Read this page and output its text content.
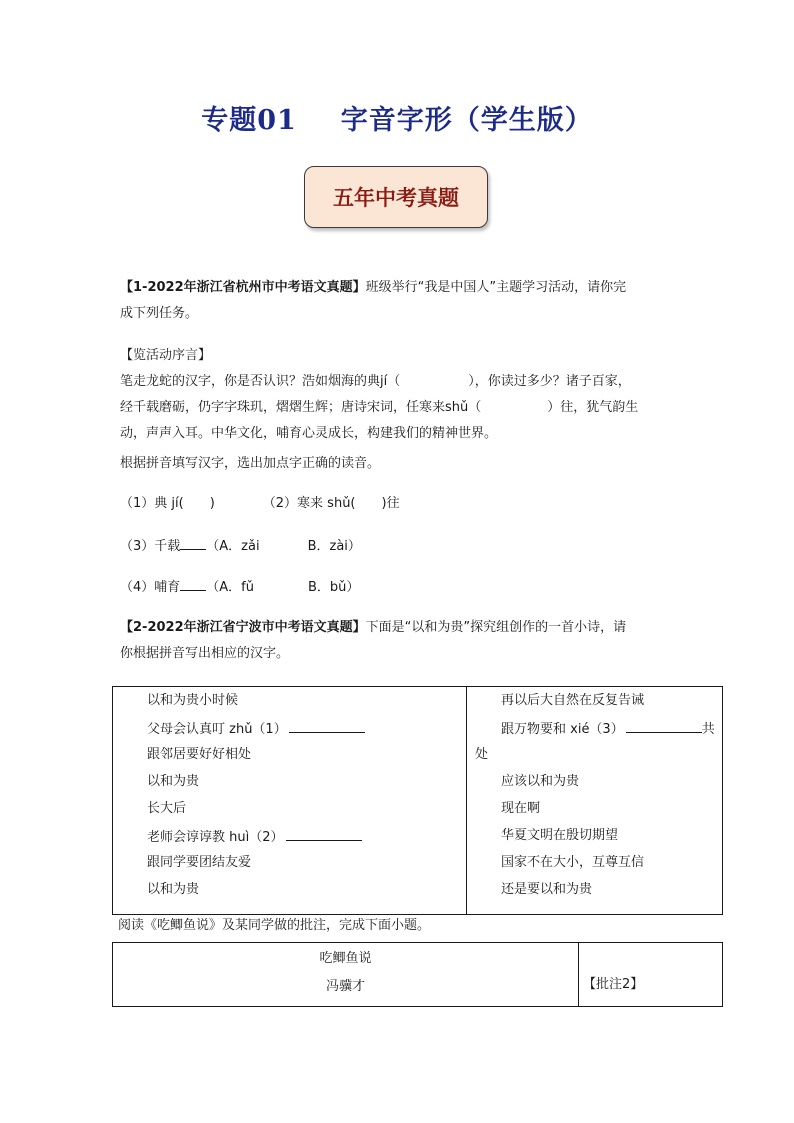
专题01 字音字形（学生版）
五年中考真题
【1-2022年浙江省杭州市中考语文真题】班级举行“我是中国人”主题学习活动，请你完
成下列任务。
【览活动序言】
笔走龙蛇的汉字，你是否认识？浩如烟海的典jí（	），你读过多少？诸子百家，
经千载磨砺，仍字字珠玑，熠熠生辉；唐诗宋词，任寒来shǔ（	）往，犹气韵生
动，声声入耳。中华文化，哺育心灵成长，构建我们的精神世界。
根据拼音填写汉字，选出加点字正确的读音。
（1）典 jí(　　)	（2）寒来 shǔ(　　)往
（3）千载 （A．zǎi	B．zài）
（4）哺育 （A．fǔ	B．bǔ）
【2-2022年浙江省宁波市中考语文真题】下面是“以和为贵”探究组创作的一首小诗，请
你根据拼音写出相应的汉字。
以和为贵小时候
父母会认真叮 zhǔ（1）
跟邻居要好好相处
以和为贵
长大后
老师会谆谆教 huì（2）
跟同学要团结友爱
以和为贵

再以后大自然在反复告诫
跟万物要和 xié（3）	共
处
应该以和为贵
现在啊
华夏文明在殷切期望
国家不在大小，互尊互信
还是要以和为贵
阅读《吃鲫鱼说》及某同学做的批注，完成下面小题。
吃鲫鱼说
冯骥才	【批注2】
